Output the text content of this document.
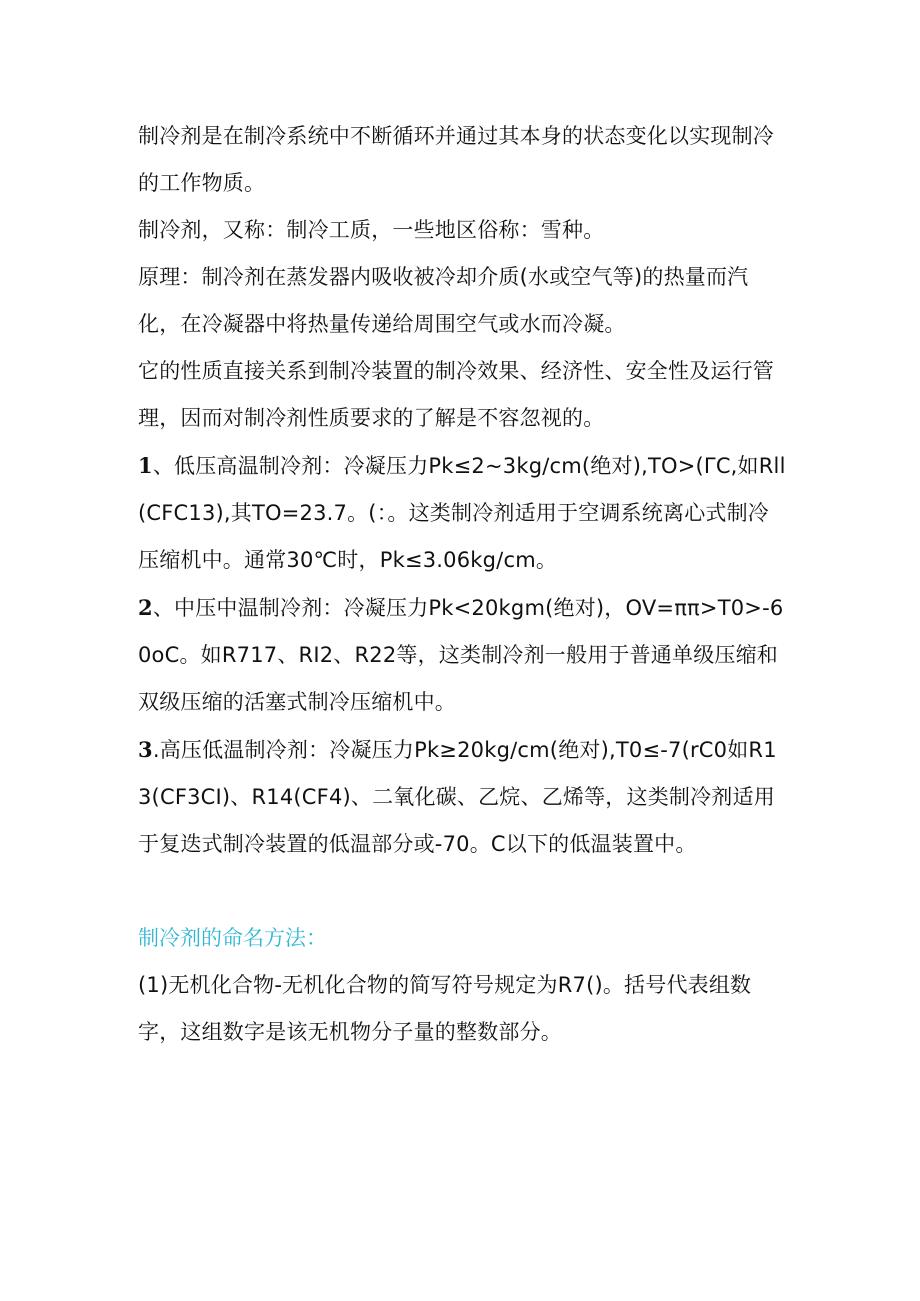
制冷剂是在制冷系统中不断循环并通过其本身的状态变化以实现制冷的工作物质。

制冷剂，又称：制冷工质，一些地区俗称：雪种。

原理：制冷剂在蒸发器内吸收被冷却介质(水或空气等)的热量而汽化，在冷凝器中将热量传递给周围空气或水而冷凝。

它的性质直接关系到制冷装置的制冷效果、经济性、安全性及运行管理，因而对制冷剂性质要求的了解是不容忽视的。

1、低压高温制冷剂：冷凝压力Pk≤2~3kg∕cm(绝对),TO>(ΓC,如Rll(CFC13),其TO=23.7。(：。这类制冷剂适用于空调系统离心式制冷压缩机中。通常30℃时，Pk≤3.06kg∕cm。

2、中压中温制冷剂：冷凝压力Pk<20kgm(绝对)，OV=ππ>T0>-60oC。如R717、RI2、R22等，这类制冷剂一般用于普通单级压缩和双级压缩的活塞式制冷压缩机中。

3.高压低温制冷剂：冷凝压力Pk≥20kg∕cm(绝对),T0≤-7(rC0如R13(CF3CI)、R14(CF4)、二氧化碳、乙烷、乙烯等，这类制冷剂适用于复迭式制冷装置的低温部分或-70。C以下的低温装置中。

制冷剂的命名方法：

(1)无机化合物-无机化合物的简写符号规定为R7()。括号代表组数字，这组数字是该无机物分子量的整数部分。
